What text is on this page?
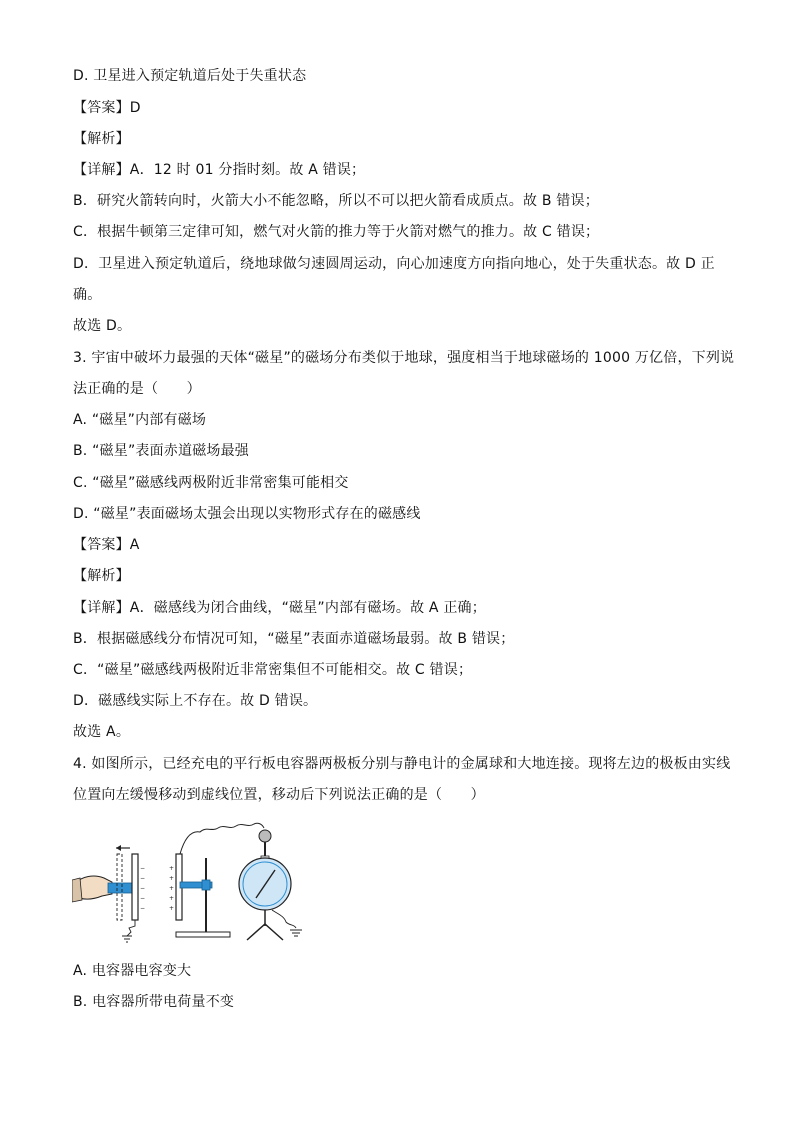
D. 卫星进入预定轨道后处于失重状态
【答案】D
【解析】
【详解】A．12 时 01 分指时刻。故 A 错误；
B．研究火箭转向时，火箭大小不能忽略，所以不可以把火箭看成质点。故 B 错误；
C．根据牛顿第三定律可知，燃气对火箭的推力等于火箭对燃气的推力。故 C 错误；
D．卫星进入预定轨道后，绕地球做匀速圆周运动，向心加速度方向指向地心，处于失重状态。故 D 正
确。
故选 D。
3. 宇宙中破坏力最强的天体“磁星”的磁场分布类似于地球，强度相当于地球磁场的 1000 万亿倍，下列说
法正确的是（　　）
A. “磁星”内部有磁场
B. “磁星”表面赤道磁场最强
C. “磁星”磁感线两极附近非常密集可能相交
D. “磁星”表面磁场太强会出现以实物形式存在的磁感线
【答案】A
【解析】
【详解】A．磁感线为闭合曲线，“磁星”内部有磁场。故 A 正确；
B．根据磁感线分布情况可知，“磁星”表面赤道磁场最弱。故 B 错误；
C．“磁星”磁感线两极附近非常密集但不可能相交。故 C 错误；
D．磁感线实际上不存在。故 D 错误。
故选 A。
4. 如图所示，已经充电的平行板电容器两极板分别与静电计的金属球和大地连接。现将左边的极板由实线
位置向左缓慢移动到虚线位置，移动后下列说法正确的是（　　）
−
−
−
−
−
+
+
+
+
+
A. 电容器电容变大
B. 电容器所带电荷量不变
